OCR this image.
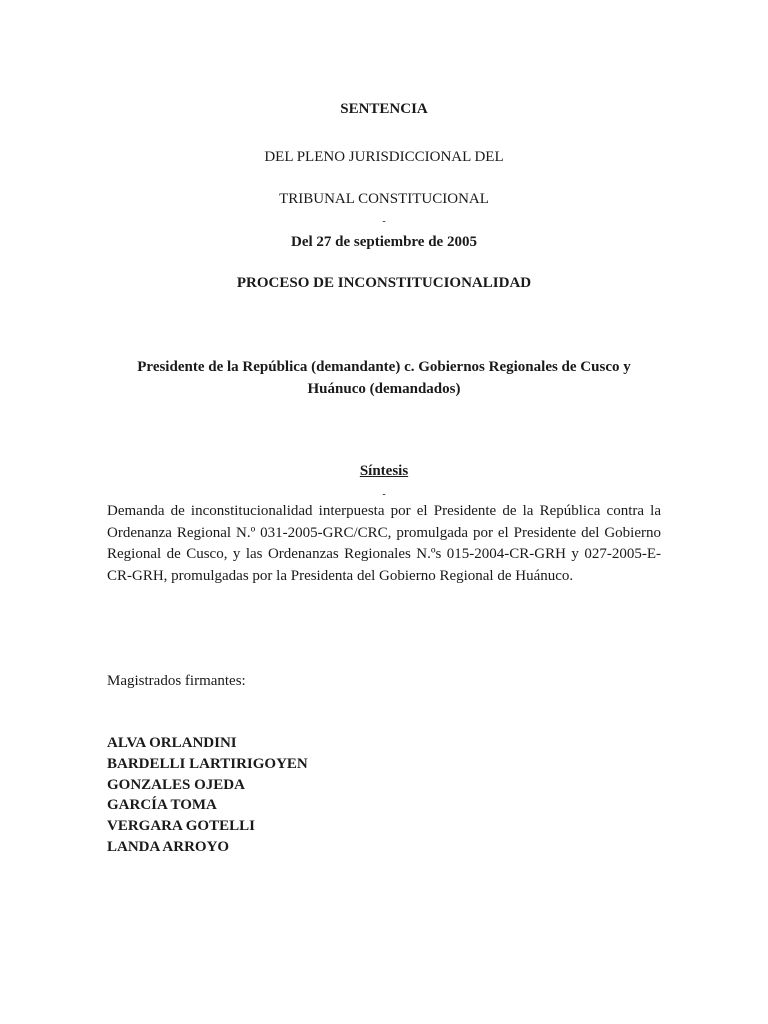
SENTENCIA
DEL PLENO JURISDICCIONAL DEL
TRIBUNAL CONSTITUCIONAL
-
Del 27 de septiembre de 2005
PROCESO DE INCONSTITUCIONALIDAD
Presidente de la República (demandante) c. Gobiernos Regionales de Cusco y Huánuco (demandados)
Síntesis
-
Demanda de inconstitucionalidad interpuesta por el Presidente de la República contra la Ordenanza Regional N.º 031-2005-GRC/CRC, promulgada por el Presidente del Gobierno Regional de Cusco, y las Ordenanzas Regionales N.ºs 015-2004-CR-GRH y 027-2005-E-CR-GRH, promulgadas por la Presidenta del Gobierno Regional de Huánuco.
Magistrados firmantes:
ALVA ORLANDINI
BARDELLI LARTIRIGOYEN
GONZALES OJEDA
GARCÍA TOMA
VERGARA GOTELLI
LANDA ARROYO
